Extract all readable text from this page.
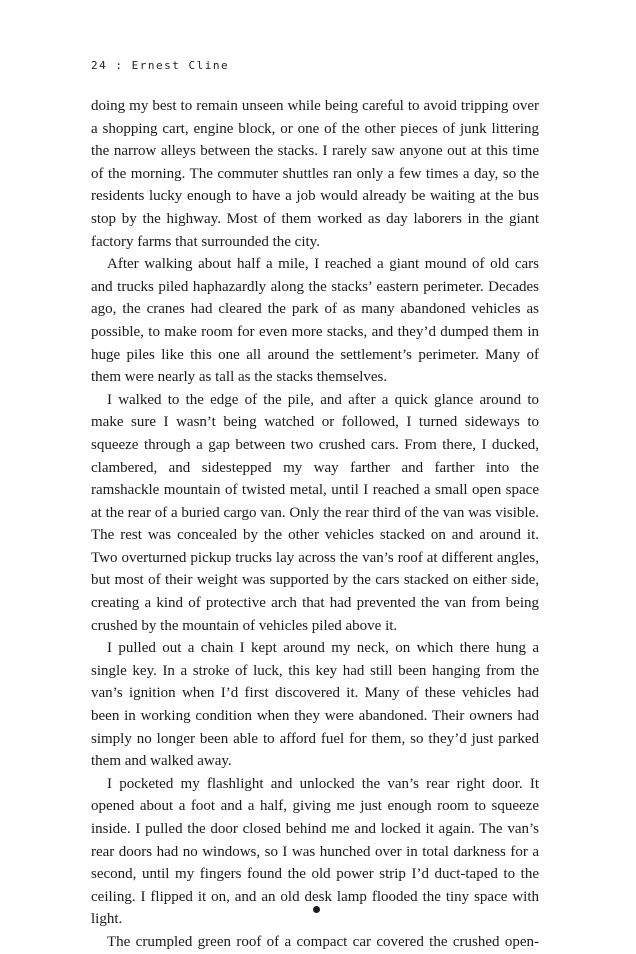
24 : Ernest Cline

doing my best to remain unseen while being careful to avoid tripping over a shopping cart, engine block, or one of the other pieces of junk littering the narrow alleys between the stacks. I rarely saw anyone out at this time of the morning. The commuter shuttles ran only a few times a day, so the residents lucky enough to have a job would already be waiting at the bus stop by the highway. Most of them worked as day laborers in the giant factory farms that surrounded the city.

After walking about half a mile, I reached a giant mound of old cars and trucks piled haphazardly along the stacks’ eastern perimeter. Decades ago, the cranes had cleared the park of as many abandoned vehicles as possible, to make room for even more stacks, and they’d dumped them in huge piles like this one all around the settlement’s perimeter. Many of them were nearly as tall as the stacks themselves.

I walked to the edge of the pile, and after a quick glance around to make sure I wasn’t being watched or followed, I turned sideways to squeeze through a gap between two crushed cars. From there, I ducked, clambered, and sidestepped my way farther and farther into the ramshackle mountain of twisted metal, until I reached a small open space at the rear of a buried cargo van. Only the rear third of the van was visible. The rest was concealed by the other vehicles stacked on and around it. Two overturned pickup trucks lay across the van’s roof at different angles, but most of their weight was supported by the cars stacked on either side, creating a kind of protective arch that had prevented the van from being crushed by the mountain of vehicles piled above it.

I pulled out a chain I kept around my neck, on which there hung a single key. In a stroke of luck, this key had still been hanging from the van’s ignition when I’d first discovered it. Many of these vehicles had been in working condition when they were abandoned. Their owners had simply no longer been able to afford fuel for them, so they’d just parked them and walked away.

I pocketed my flashlight and unlocked the van’s rear right door. It opened about a foot and a half, giving me just enough room to squeeze inside. I pulled the door closed behind me and locked it again. The van’s rear doors had no windows, so I was hunched over in total darkness for a second, until my fingers found the old power strip I’d duct-taped to the ceiling. I flipped it on, and an old desk lamp flooded the tiny space with light.

The crumpled green roof of a compact car covered the crushed open-
